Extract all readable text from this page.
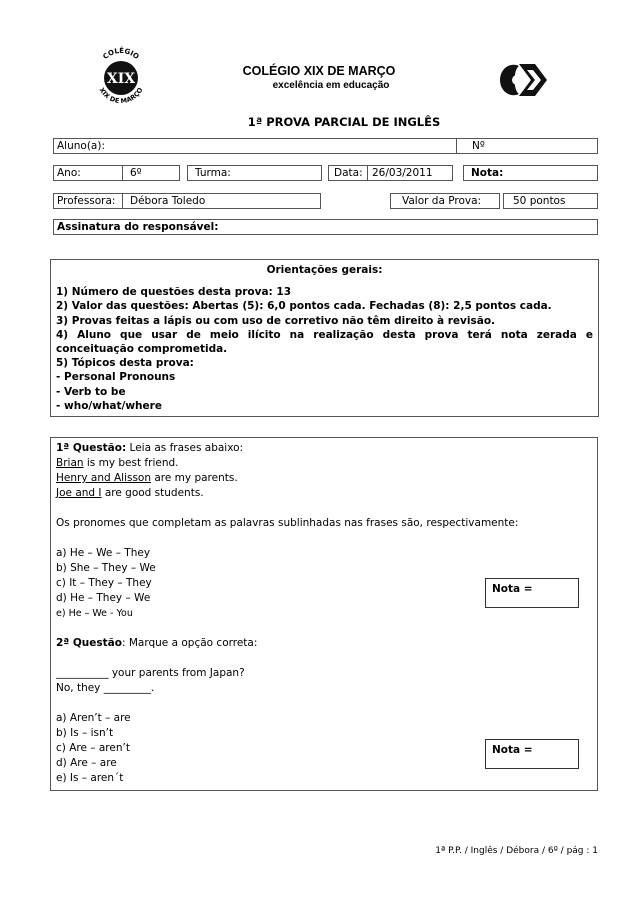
XIX
COLÉGIO
XIX DE MARÇO
COLÉGIO XIX DE MARÇO
excelência em educação
1ª PROVA PARCIAL DE INGLÊS
Aluno(a):	Nº
Ano:	6º	Turma:	Data: 26/03/2011	Nota:
Professora: Débora Toledo	Valor da Prova:	50 pontos
Assinatura do responsável:

Orientações gerais:

1) Número de questões desta prova: 13

2) Valor das questões: Abertas (5): 6,0 pontos cada. Fechadas (8): 2,5 pontos cada.

3) Provas feitas a lápis ou com uso de corretivo não têm direito à revisão.

4) Aluno que usar de meio ilícito na realização desta prova terá nota zerada e

conceituação comprometida.

5) Tópicos desta prova:

- Personal Pronouns

- Verb to be

- who/what/where

1ª Questão: Leia as frases abaixo:

Brian is my best friend.

Henry and Alisson are my parents.

Joe and I are good students.

Os pronomes que completam as palavras sublinhadas nas frases são, respectivamente:

a) He – We – They

b) She – They – We

c) It – They – They

d) He – They – We

e) He – We - You

2ª Questão: Marque a opção correta:

__________ your parents from Japan?

No, they _________.

a) Aren’t – are

b) Is – isn’t

c) Are – aren’t

d) Are – are

e) Is – aren´t

Nota =
Nota =
1ª P.P. / Inglês / Débora / 6º / pág : 1
